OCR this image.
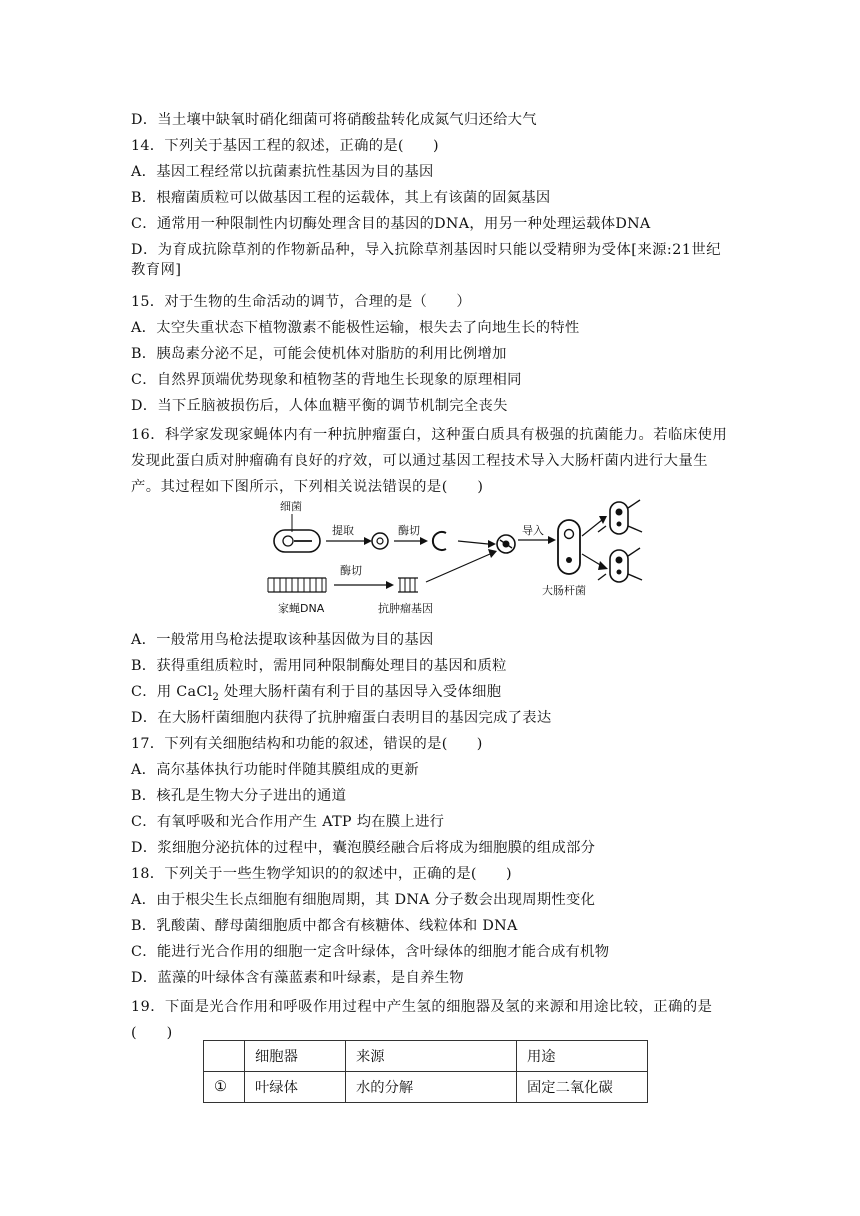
D．当土壤中缺氧时硝化细菌可将硝酸盐转化成氮气归还给大气
14．下列关于基因工程的叙述，正确的是(　　)
A．基因工程经常以抗菌素抗性基因为目的基因
B．根瘤菌质粒可以做基因工程的运载体，其上有该菌的固氮基因
C．通常用一种限制性内切酶处理含目的基因的DNA，用另一种处理运载体DNA
D．为育成抗除草剂的作物新品种，导入抗除草剂基因时只能以受精卵为受体[来源:21世纪教育网]
15．对于生物的生命活动的调节，合理的是（　　）
A．太空失重状态下植物激素不能极性运输，根失去了向地生长的特性
B．胰岛素分泌不足，可能会使机体对脂肪的利用比例增加
C．自然界顶端优势现象和植物茎的背地生长现象的原理相同
D．当下丘脑被损伤后，人体血糖平衡的调节机制完全丧失
16．科学家发现家蝇体内有一种抗肿瘤蛋白，这种蛋白质具有极强的抗菌能力。若临床使用发现此蛋白质对肿瘤确有良好的疗效，可以通过基因工程技术导入大肠杆菌内进行大量生产。其过程如下图所示，下列相关说法错误的是(　　)
细菌
提取	酶切
家蝇DNA
酶切
抗肿瘤基因
导入
大肠杆菌
A．一般常用鸟枪法提取该种基因做为目的基因
B．获得重组质粒时，需用同种限制酶处理目的基因和质粒
C．用 CaCl$_2$ 处理大肠杆菌有利于目的基因导入受体细胞
D．在大肠杆菌细胞内获得了抗肿瘤蛋白表明目的基因完成了表达
17．下列有关细胞结构和功能的叙述，错误的是(　　)
A．高尔基体执行功能时伴随其膜组成的更新
B．核孔是生物大分子进出的通道
C．有氧呼吸和光合作用产生 ATP 均在膜上进行
D．浆细胞分泌抗体的过程中，囊泡膜经融合后将成为细胞膜的组成部分
18．下列关于一些生物学知识的的叙述中，正确的是(　　)
A．由于根尖生长点细胞有细胞周期，其 DNA 分子数会出现周期性变化
B．乳酸菌、酵母菌细胞质中都含有核糖体、线粒体和 DNA
C．能进行光合作用的细胞一定含叶绿体，含叶绿体的细胞才能合成有机物
D．蓝藻的叶绿体含有藻蓝素和叶绿素，是自养生物
19．下面是光合作用和呼吸作用过程中产生氢的细胞器及氢的来源和用途比较，正确的是(　　)
	细胞器	来源	用途
①	叶绿体	水的分解	固定二氧化碳
